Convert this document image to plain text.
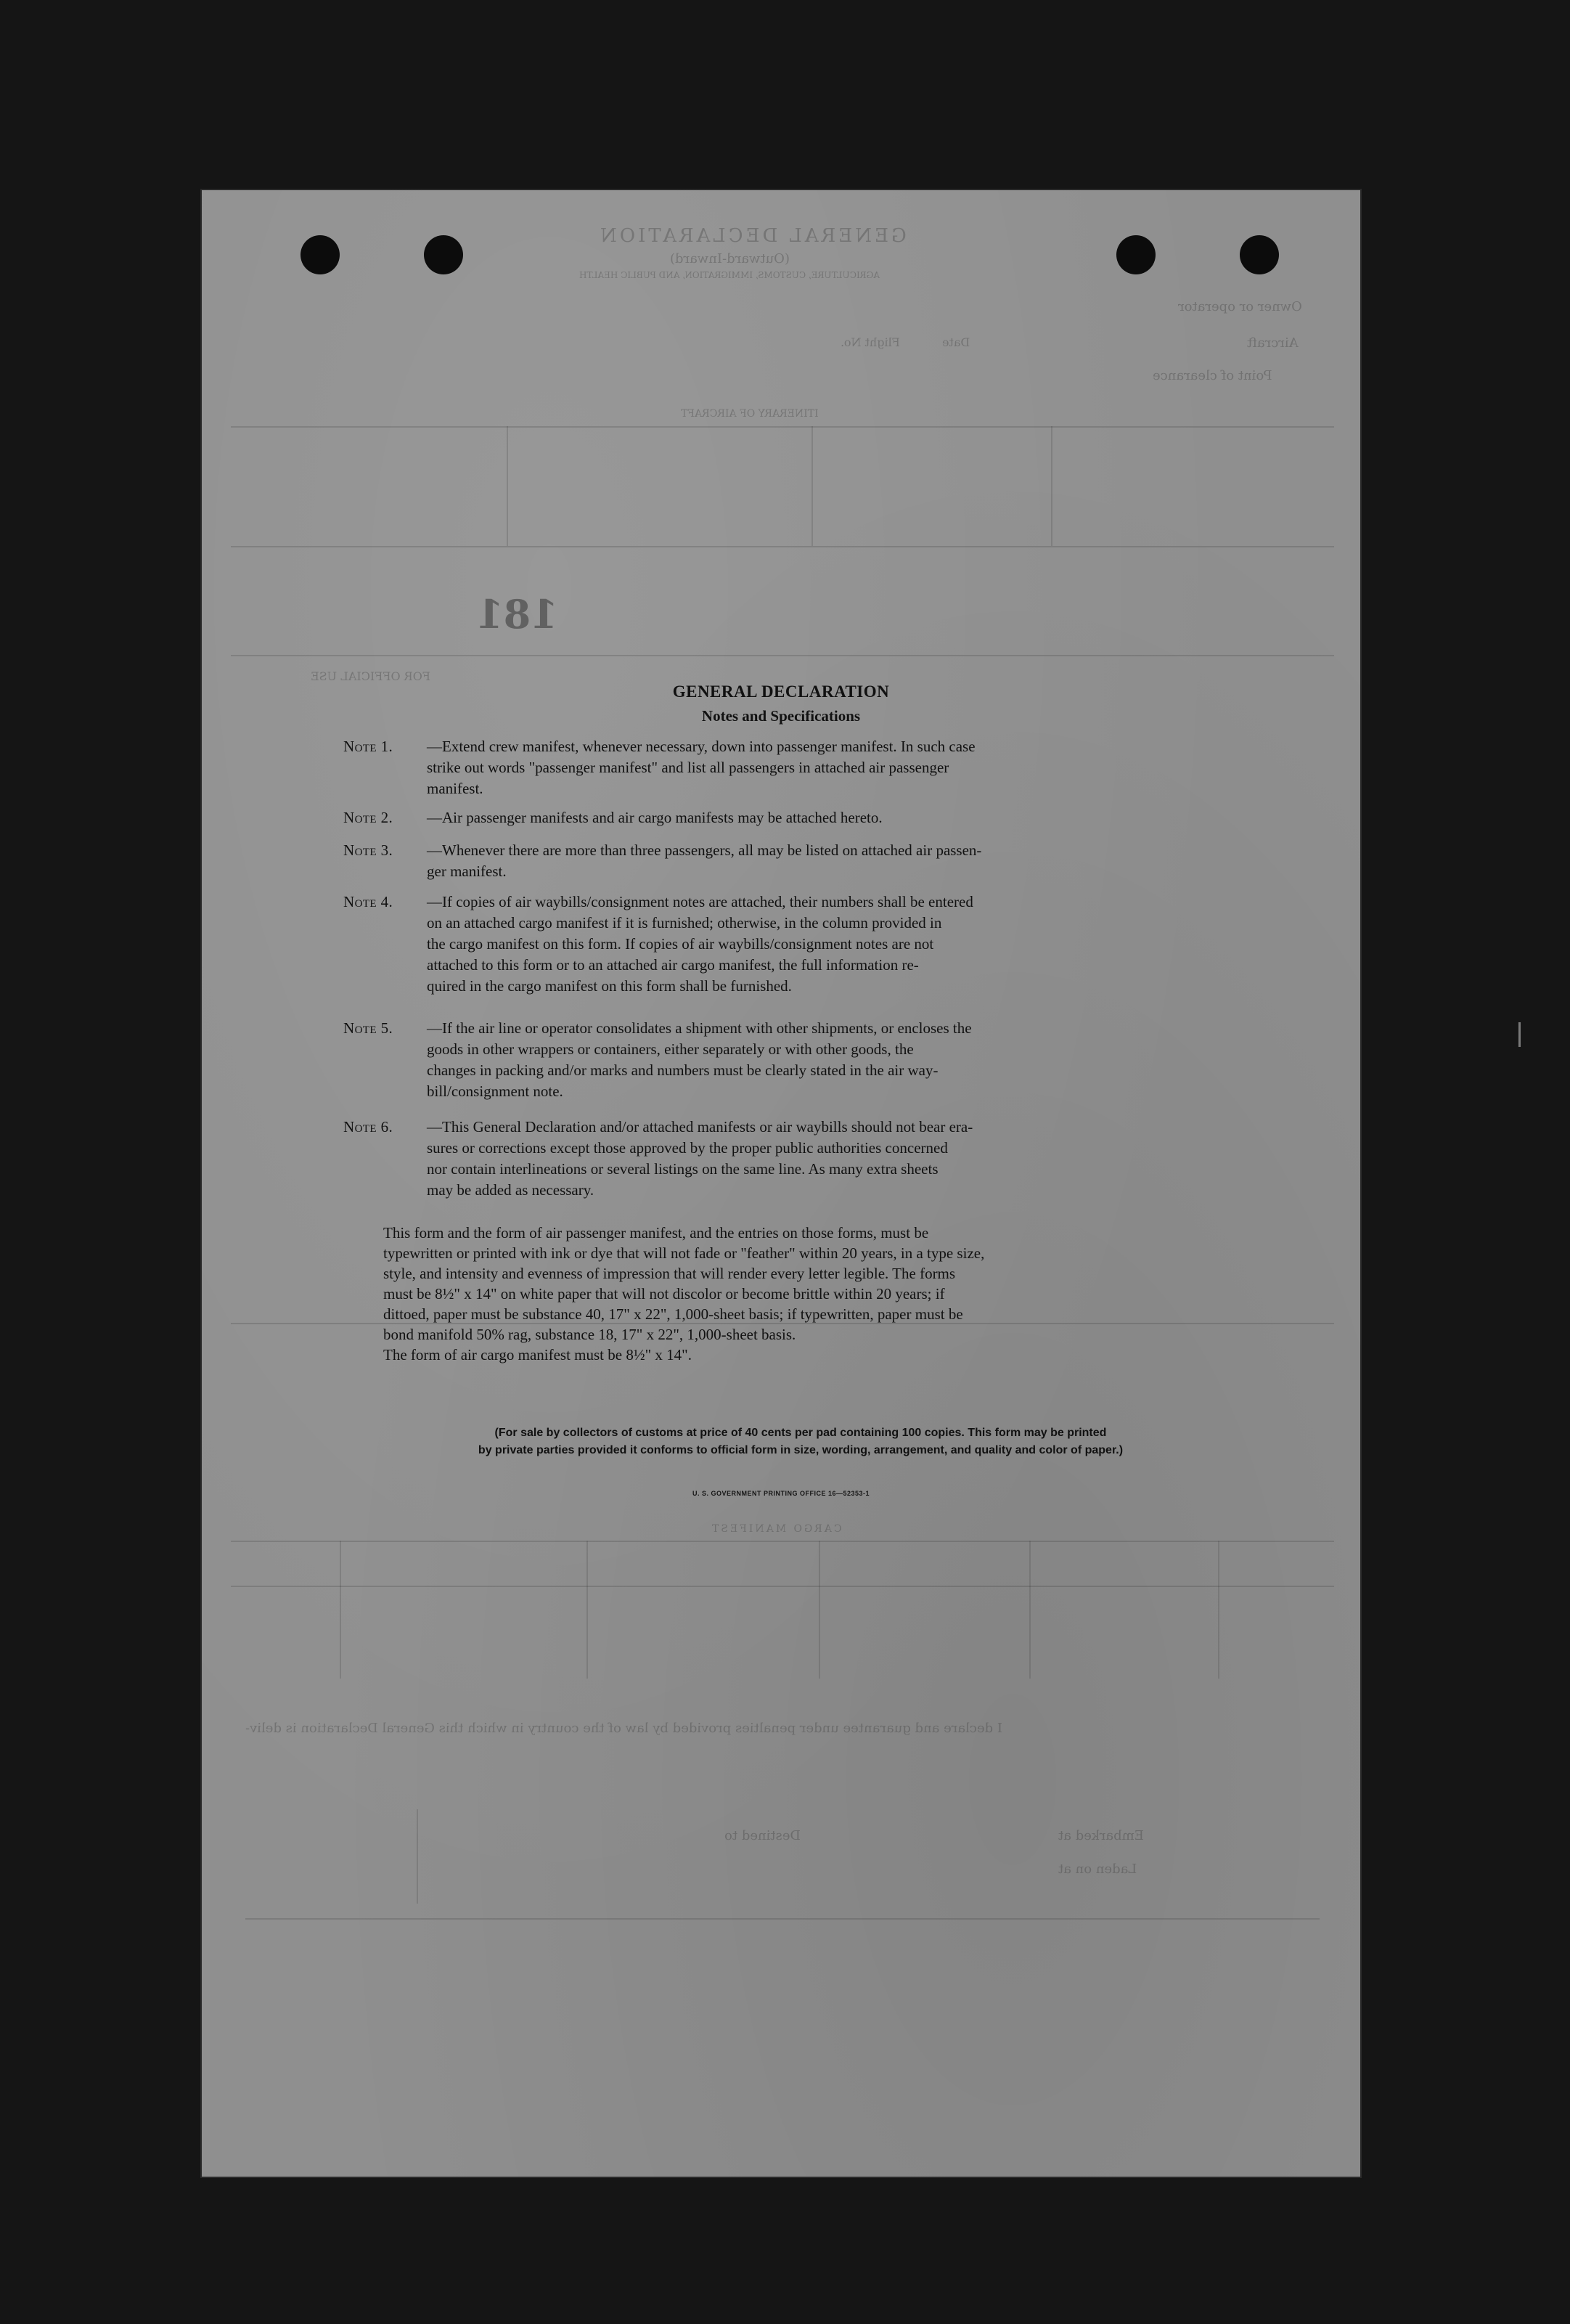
GENERAL DECLARATION
(Outward-Inward)
AGRICULTURE, CUSTOMS, IMMIGRATION, AND PUBLIC HEALTH
Owner or operator
Aircraft
Flight No.	Date
Point of clearance
ITINERARY OF AIRCRAFT
181
FOR OFFICIAL USE
CARGO MANIFEST
I declare and guarantee under penalties provided by law of the country in which this General Declaration is deliv-
Embarked at
Laden on at
Destined to
GENERAL DECLARATION
Notes and Specifications
Note 1.	—Extend crew manifest, whenever necessary, down into passenger manifest. In such case
strike out words "passenger manifest" and list all passengers in attached air passenger
manifest.
Note 2.	—Air passenger manifests and air cargo manifests may be attached hereto.
Note 3.	—Whenever there are more than three passengers, all may be listed on attached air passen-
ger manifest.
Note 4.	—If copies of air waybills/consignment notes are attached, their numbers shall be entered
on an attached cargo manifest if it is furnished; otherwise, in the column provided in
the cargo manifest on this form. If copies of air waybills/consignment notes are not
attached to this form or to an attached air cargo manifest, the full information re-
quired in the cargo manifest on this form shall be furnished.
Note 5.	—If the air line or operator consolidates a shipment with other shipments, or encloses the
goods in other wrappers or containers, either separately or with other goods, the
changes in packing and/or marks and numbers must be clearly stated in the air way-
bill/consignment note.
Note 6.	—This General Declaration and/or attached manifests or air waybills should not bear era-
sures or corrections except those approved by the proper public authorities concerned
nor contain interlineations or several listings on the same line. As many extra sheets
may be added as necessary.
This form and the form of air passenger manifest, and the entries on those forms, must be
typewritten or printed with ink or dye that will not fade or "feather" within 20 years, in a type size,
style, and intensity and evenness of impression that will render every letter legible. The forms
must be 8½" x 14" on white paper that will not discolor or become brittle within 20 years; if
dittoed, paper must be substance 40, 17" x 22", 1,000-sheet basis; if typewritten, paper must be
bond manifold 50% rag, substance 18, 17" x 22", 1,000-sheet basis.
The form of air cargo manifest must be 8½" x 14".
(For sale by collectors of customs at price of 40 cents per pad containing 100 copies. This form may be printed
by private parties provided it conforms to official form in size, wording, arrangement, and quality and color of paper.)
U. S. GOVERNMENT PRINTING OFFICE 16—52353-1
